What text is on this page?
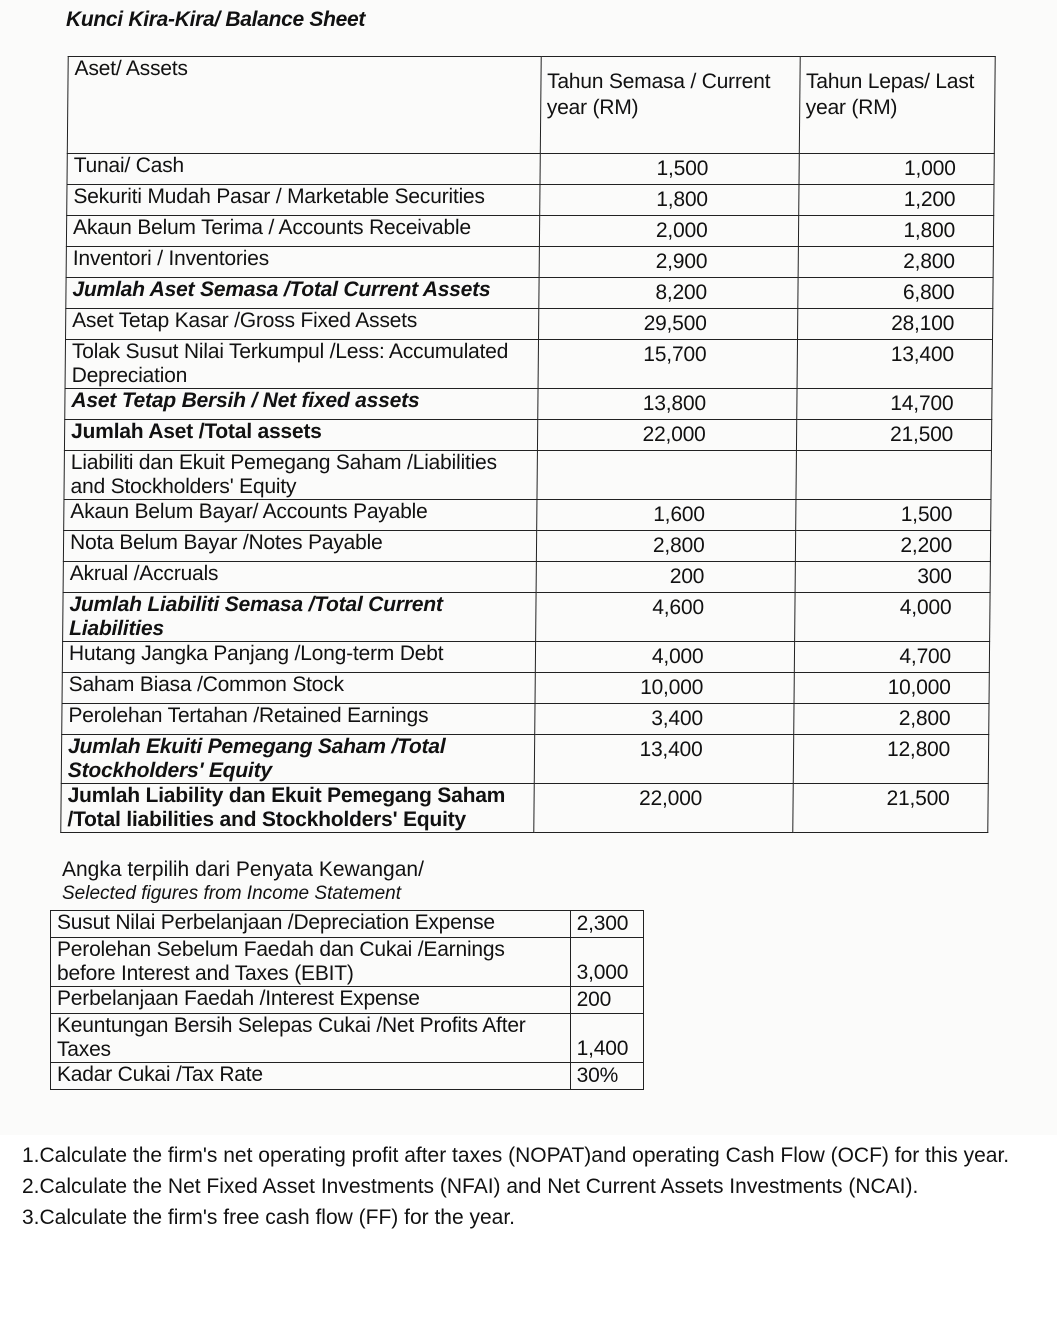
Kunci Kira-Kira/ Balance Sheet
Aset/ Assets	Tahun Semasa / Current year (RM)	Tahun Lepas/ Last year (RM)
Tunai/ Cash	1,500	1,000
Sekuriti Mudah Pasar / Marketable Securities	1,800	1,200
Akaun Belum Terima / Accounts Receivable	2,000	1,800
Inventori / Inventories	2,900	2,800
Jumlah Aset Semasa /Total Current Assets	8,200	6,800
Aset Tetap Kasar /Gross Fixed Assets	29,500	28,100
Tolak Susut Nilai Terkumpul /Less: Accumulated Depreciation	15,700	13,400
Aset Tetap Bersih / Net fixed assets	13,800	14,700
Jumlah Aset /Total assets	22,000	21,500
Liabiliti dan Ekuit Pemegang Saham /Liabilities and Stockholders' Equity		
Akaun Belum Bayar/ Accounts Payable	1,600	1,500
Nota Belum Bayar /Notes Payable	2,800	2,200
Akrual /Accruals	200	300
Jumlah Liabiliti Semasa /Total Current Liabilities	4,600	4,000
Hutang Jangka Panjang /Long-term Debt	4,000	4,700
Saham Biasa /Common Stock	10,000	10,000
Perolehan Tertahan /Retained Earnings	3,400	2,800
Jumlah Ekuiti Pemegang Saham /Total Stockholders' Equity	13,400	12,800
Jumlah Liability dan Ekuit Pemegang Saham /Total liabilities and Stockholders' Equity	22,000	21,500
Angka terpilih dari Penyata Kewangan/
Selected figures from Income Statement
Susut Nilai Perbelanjaan /Depreciation Expense	2,300
Perolehan Sebelum Faedah dan Cukai /Earnings before Interest and Taxes (EBIT)	3,000
Perbelanjaan Faedah /Interest Expense	200
Keuntungan Bersih Selepas Cukai /Net Profits After Taxes	1,400
Kadar Cukai /Tax Rate	30%
1.Calculate the firm's net operating profit after taxes (NOPAT)and operating Cash Flow (OCF) for this year.
2.Calculate the Net Fixed Asset Investments (NFAI) and Net Current Assets Investments (NCAI).
3.Calculate the firm's free cash flow (FF) for the year.
